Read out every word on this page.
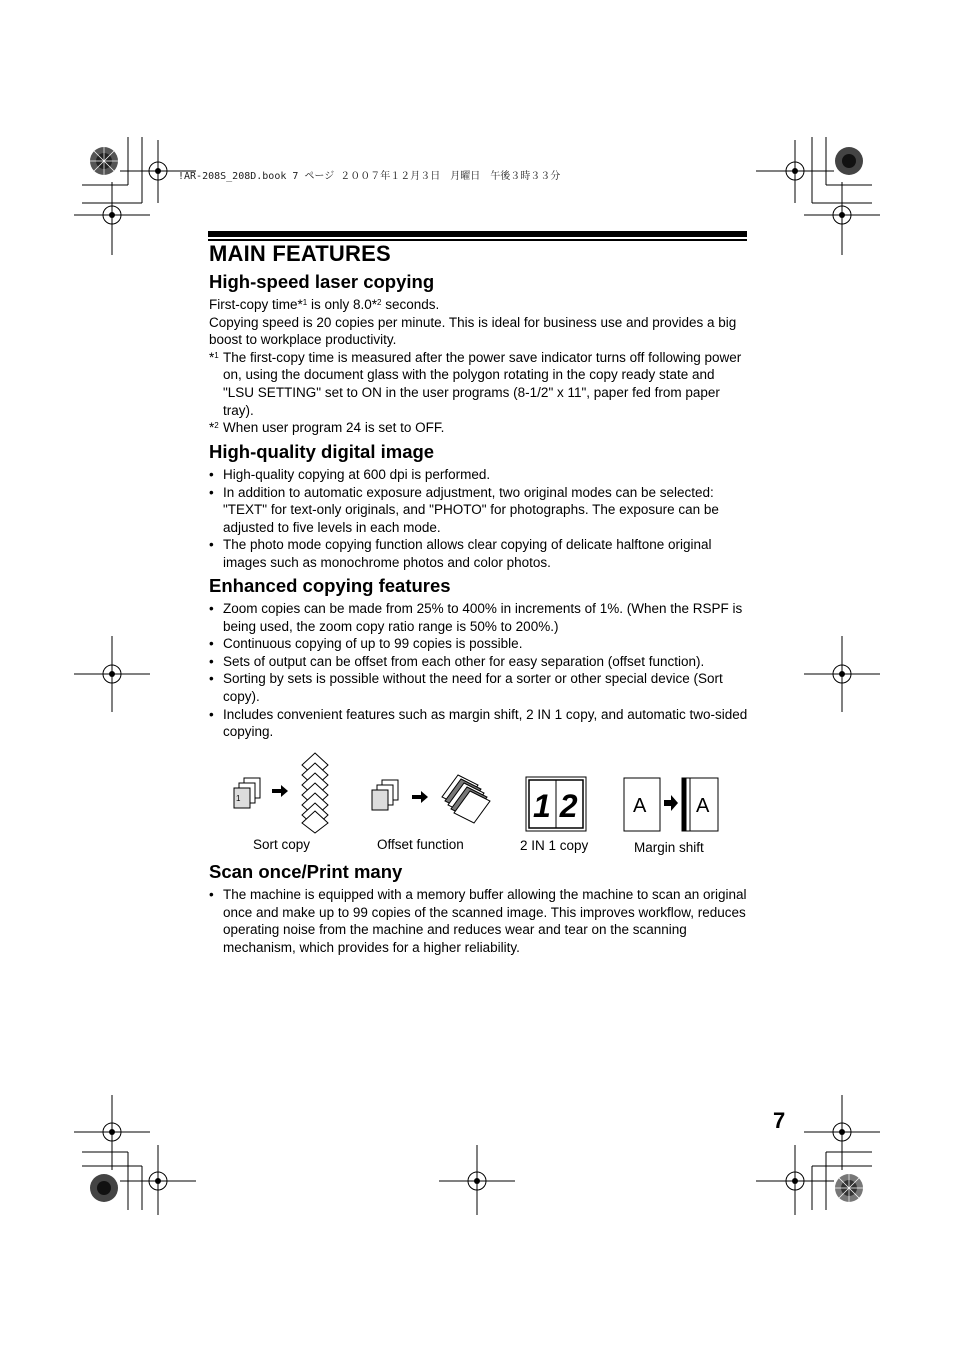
!AR-208S_208D.book 7 ページ ２００７年１２月３日　月曜日　午後３時３３分
MAIN FEATURES
High-speed laser copying

First-copy time*$^1$ is only 8.0*$^2$ seconds.

Copying speed is 20 copies per minute. This is ideal for business use and provides a big boost to workplace productivity.

*$^1$ The first-copy time is measured after the power save indicator turns off following power on, using the document glass with the polygon rotating in the copy ready state and "LSU SETTING" set to ON in the user programs (8-1/2" x 11", paper fed from paper tray).
*$^2$ When user program 24 is set to OFF.
High-quality digital image
• High-quality copying at 600 dpi is performed.
• In addition to automatic exposure adjustment, two original modes can be selected: "TEXT" for text-only originals, and "PHOTO" for photographs. The exposure can be adjusted to five levels in each mode.
• The photo mode copying function allows clear copying of delicate halftone original images such as monochrome photos and color photos.
Enhanced copying features
• Zoom copies can be made from 25% to 400% in increments of 1%. (When the RSPF is being used, the zoom copy ratio range is 50% to 200%.)
• Continuous copying of up to 99 copies is possible.
• Sets of output can be offset from each other for easy separation (offset function).
• Sorting by sets is possible without the need for a sorter or other special device (Sort copy).
• Includes convenient features such as margin shift, 2 IN 1 copy, and automatic two-sided copying.
1	1 2	A A
Sort copy	Offset function	2 IN 1 copy	Margin shift
Scan once/Print many
• The machine is equipped with a memory buffer allowing the machine to scan an original once and make up to 99 copies of the scanned image. This improves workflow, reduces operating noise from the machine and reduces wear and tear on the scanning mechanism, which provides for a higher reliability.
7
